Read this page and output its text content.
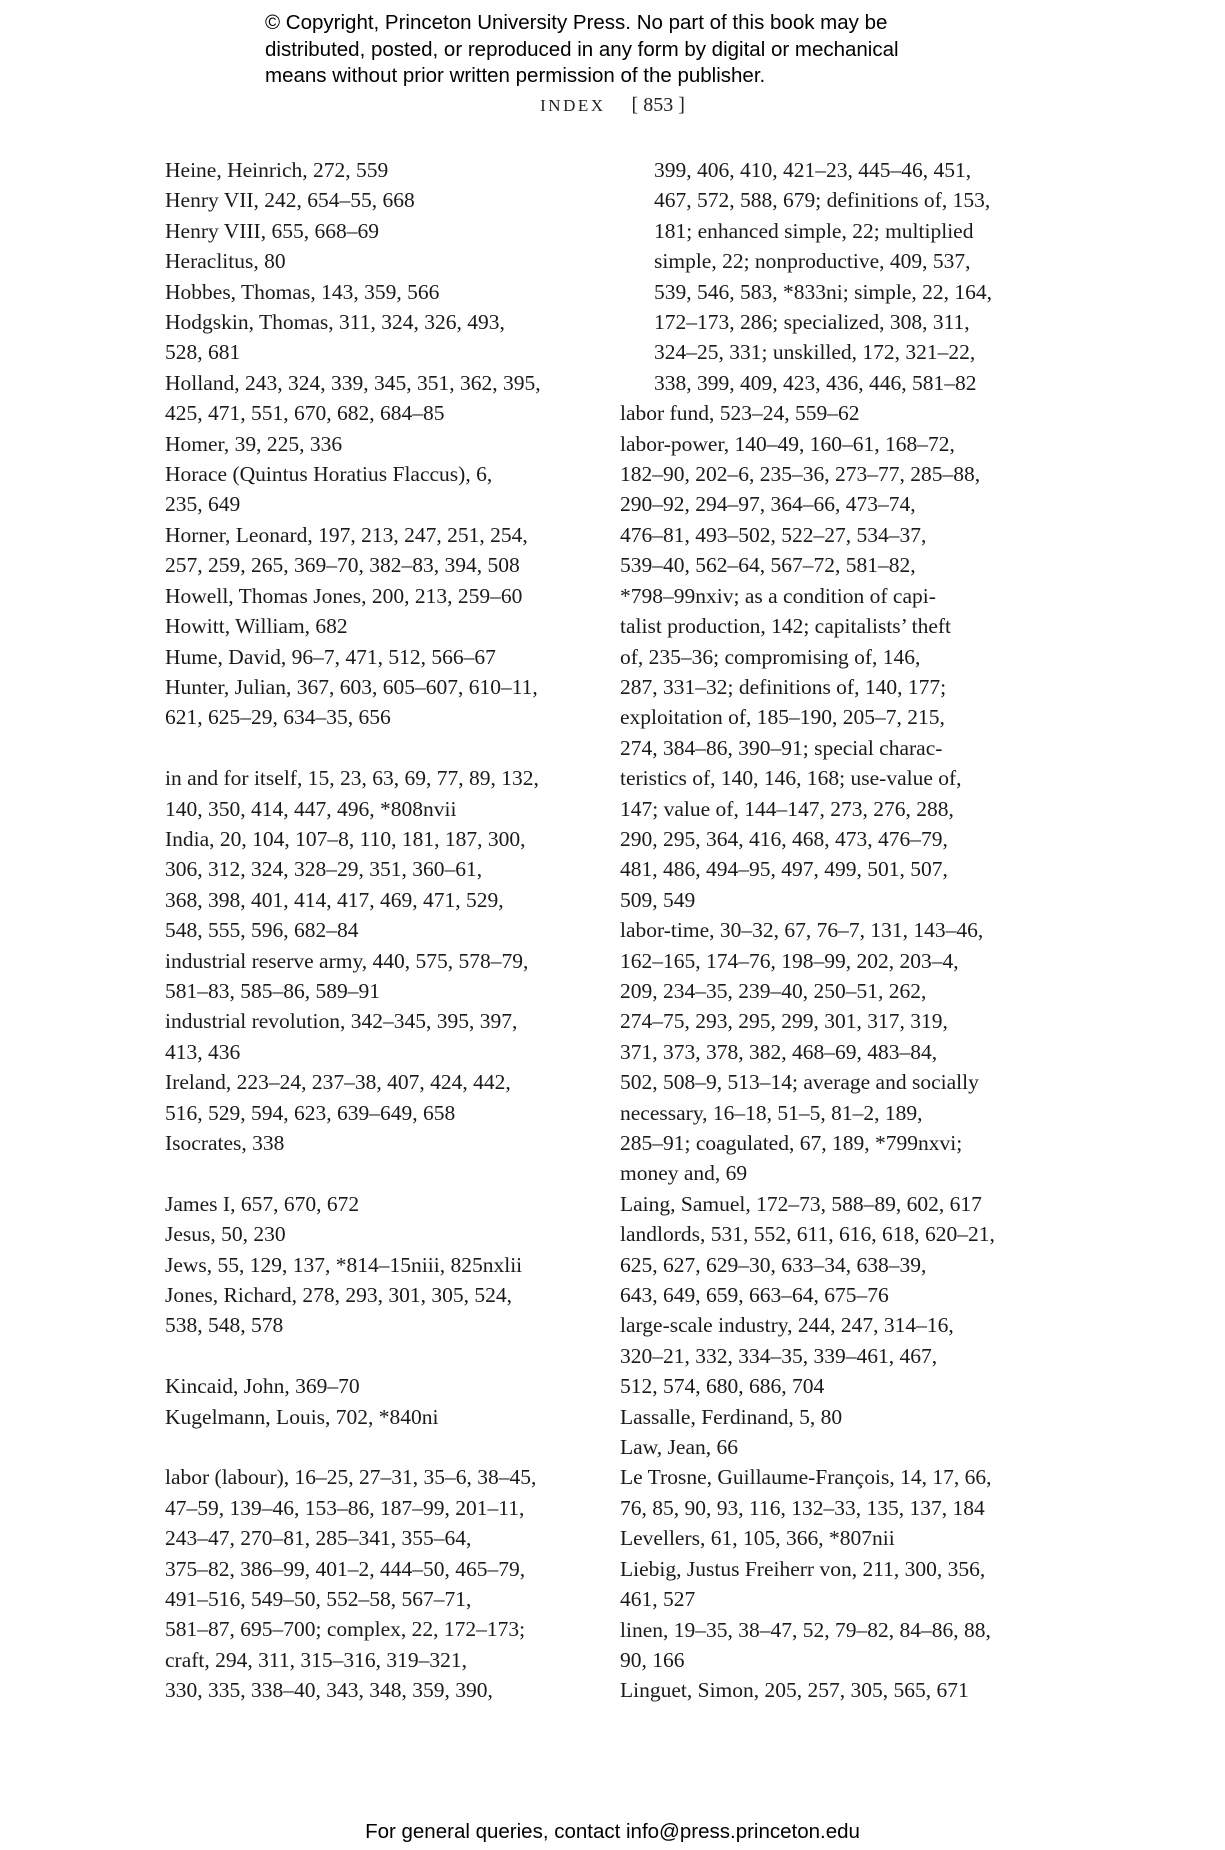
© Copyright, Princeton University Press. No part of this book may be
distributed, posted, or reproduced in any form by digital or mechanical
means without prior written permission of the publisher.
INDEX [ 853 ]
Heine, Heinrich, 272, 559
Henry VII, 242, 654–55, 668
Henry VIII, 655, 668–69
Heraclitus, 80
Hobbes, Thomas, 143, 359, 566
Hodgskin, Thomas, 311, 324, 326, 493,
528, 681
Holland, 243, 324, 339, 345, 351, 362, 395,
425, 471, 551, 670, 682, 684–85
Homer, 39, 225, 336
Horace (Quintus Horatius Flaccus), 6,
235, 649
Horner, Leonard, 197, 213, 247, 251, 254,
257, 259, 265, 369–70, 382–83, 394, 508
Howell, Thomas Jones, 200, 213, 259–60
Howitt, William, 682
Hume, David, 96–7, 471, 512, 566–67
Hunter, Julian, 367, 603, 605–607, 610–11,
621, 625–29, 634–35, 656
in and for itself, 15, 23, 63, 69, 77, 89, 132,
140, 350, 414, 447, 496, *808nvii
India, 20, 104, 107–8, 110, 181, 187, 300,
306, 312, 324, 328–29, 351, 360–61,
368, 398, 401, 414, 417, 469, 471, 529,
548, 555, 596, 682–84
industrial reserve army, 440, 575, 578–79,
581–83, 585–86, 589–91
industrial revolution, 342–345, 395, 397,
413, 436
Ireland, 223–24, 237–38, 407, 424, 442,
516, 529, 594, 623, 639–649, 658
Isocrates, 338
James I, 657, 670, 672
Jesus, 50, 230
Jews, 55, 129, 137, *814–15niii, 825nxlii
Jones, Richard, 278, 293, 301, 305, 524,
538, 548, 578
Kincaid, John, 369–70
Kugelmann, Louis, 702, *840ni
labor (labour), 16–25, 27–31, 35–6, 38–45,
47–59, 139–46, 153–86, 187–99, 201–11,
243–47, 270–81, 285–341, 355–64,
375–82, 386–99, 401–2, 444–50, 465–79,
491–516, 549–50, 552–58, 567–71,
581–87, 695–700; complex, 22, 172–173;
craft, 294, 311, 315–316, 319–321,
330, 335, 338–40, 343, 348, 359, 390,
399, 406, 410, 421–23, 445–46, 451,
467, 572, 588, 679; definitions of, 153,
181; enhanced simple, 22; multiplied
simple, 22; nonproductive, 409, 537,
539, 546, 583, *833ni; simple, 22, 164,
172–173, 286; specialized, 308, 311,
324–25, 331; unskilled, 172, 321–22,
338, 399, 409, 423, 436, 446, 581–82
labor fund, 523–24, 559–62
labor-power, 140–49, 160–61, 168–72,
182–90, 202–6, 235–36, 273–77, 285–88,
290–92, 294–97, 364–66, 473–74,
476–81, 493–502, 522–27, 534–37,
539–40, 562–64, 567–72, 581–82,
*798–99nxiv; as a condition of capi-
talist production, 142; capitalists’ theft
of, 235–36; compromising of, 146,
287, 331–32; definitions of, 140, 177;
exploitation of, 185–190, 205–7, 215,
274, 384–86, 390–91; special charac-
teristics of, 140, 146, 168; use-value of,
147; value of, 144–147, 273, 276, 288,
290, 295, 364, 416, 468, 473, 476–79,
481, 486, 494–95, 497, 499, 501, 507,
509, 549
labor-time, 30–32, 67, 76–7, 131, 143–46,
162–165, 174–76, 198–99, 202, 203–4,
209, 234–35, 239–40, 250–51, 262,
274–75, 293, 295, 299, 301, 317, 319,
371, 373, 378, 382, 468–69, 483–84,
502, 508–9, 513–14; average and socially
necessary, 16–18, 51–5, 81–2, 189,
285–91; coagulated, 67, 189, *799nxvi;
money and, 69
Laing, Samuel, 172–73, 588–89, 602, 617
landlords, 531, 552, 611, 616, 618, 620–21,
625, 627, 629–30, 633–34, 638–39,
643, 649, 659, 663–64, 675–76
large-scale industry, 244, 247, 314–16,
320–21, 332, 334–35, 339–461, 467,
512, 574, 680, 686, 704
Lassalle, Ferdinand, 5, 80
Law, Jean, 66
Le Trosne, Guillaume-François, 14, 17, 66,
76, 85, 90, 93, 116, 132–33, 135, 137, 184
Levellers, 61, 105, 366, *807nii
Liebig, Justus Freiherr von, 211, 300, 356,
461, 527
linen, 19–35, 38–47, 52, 79–82, 84–86, 88,
90, 166
Linguet, Simon, 205, 257, 305, 565, 671
For general queries, contact info@press.princeton.edu
